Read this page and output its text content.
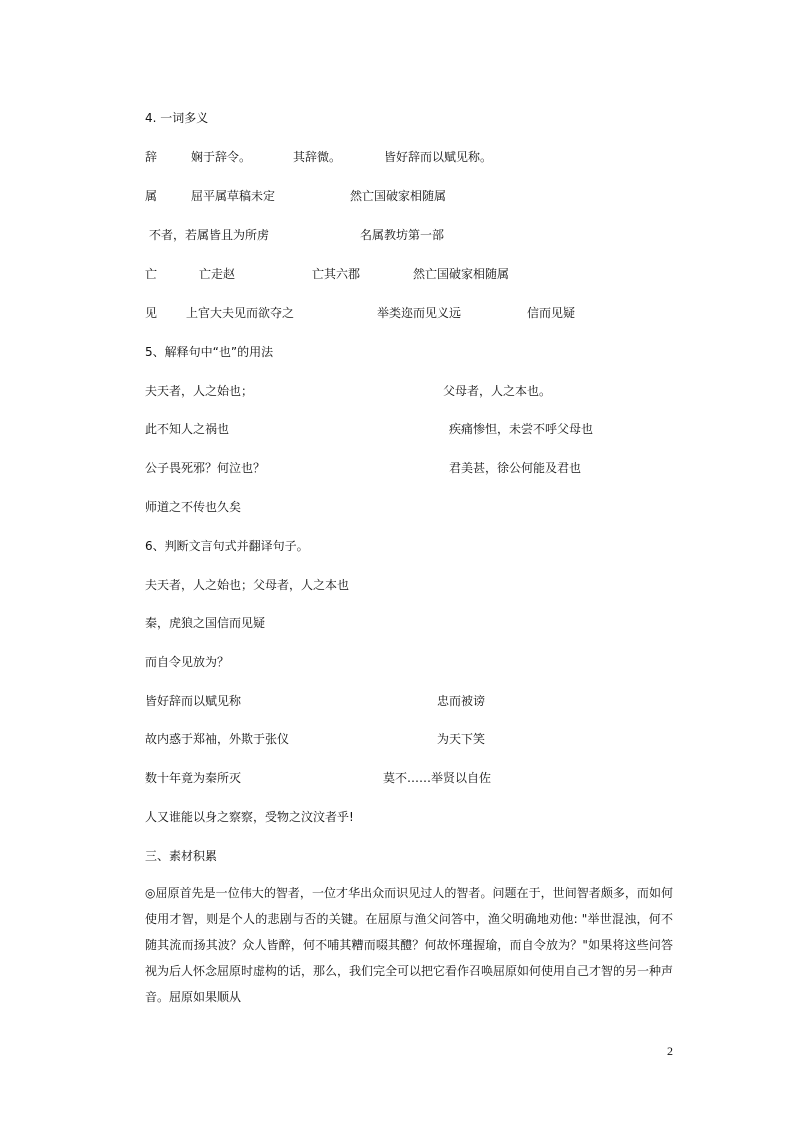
4. 一词多义
辞	娴于辞令。	其辞微。	皆好辞而以赋见称。
属	屈平属草稿未定	然亡国破家相随属
不者，若属皆且为所虏	名属教坊第一部
亡	亡走赵	亡其六郡	然亡国破家相随属
见 上官大夫见而欲夺之	举类迩而见义远	信而见疑
5、解释句中“也”的用法
夫天者，人之始也；	父母者，人之本也。
此不知人之祸也	疾痛惨怛，未尝不呼父母也
公子畏死邪？何泣也？	君美甚，徐公何能及君也
师道之不传也久矣
6、判断文言句式并翻译句子。
夫天者，人之始也；父母者，人之本也
秦，虎狼之国信而见疑
而自令见放为？
皆好辞而以赋见称	忠而被谤
故内惑于郑袖，外欺于张仪	为天下笑
数十年竟为秦所灭	莫不……举贤以自佐
人又谁能以身之察察，受物之汶汶者乎!
三、素材积累
◎屈原首先是一位伟大的智者，一位才华出众而识见过人的智者。问题在于，世间智者颇多，而如何使用才智，则是个人的悲剧与否的关键。在屈原与渔父问答中，渔父明确地劝他: "举世混浊，何不随其流而扬其波？众人皆醉，何不哺其糟而啜其醴？何故怀瑾握瑜，而自令放为？"如果将这些问答视为后人怀念屈原时虚构的话，那么，我们完全可以把它看作召唤屈原如何使用自己才智的另一种声音。屈原如果顺从
2
